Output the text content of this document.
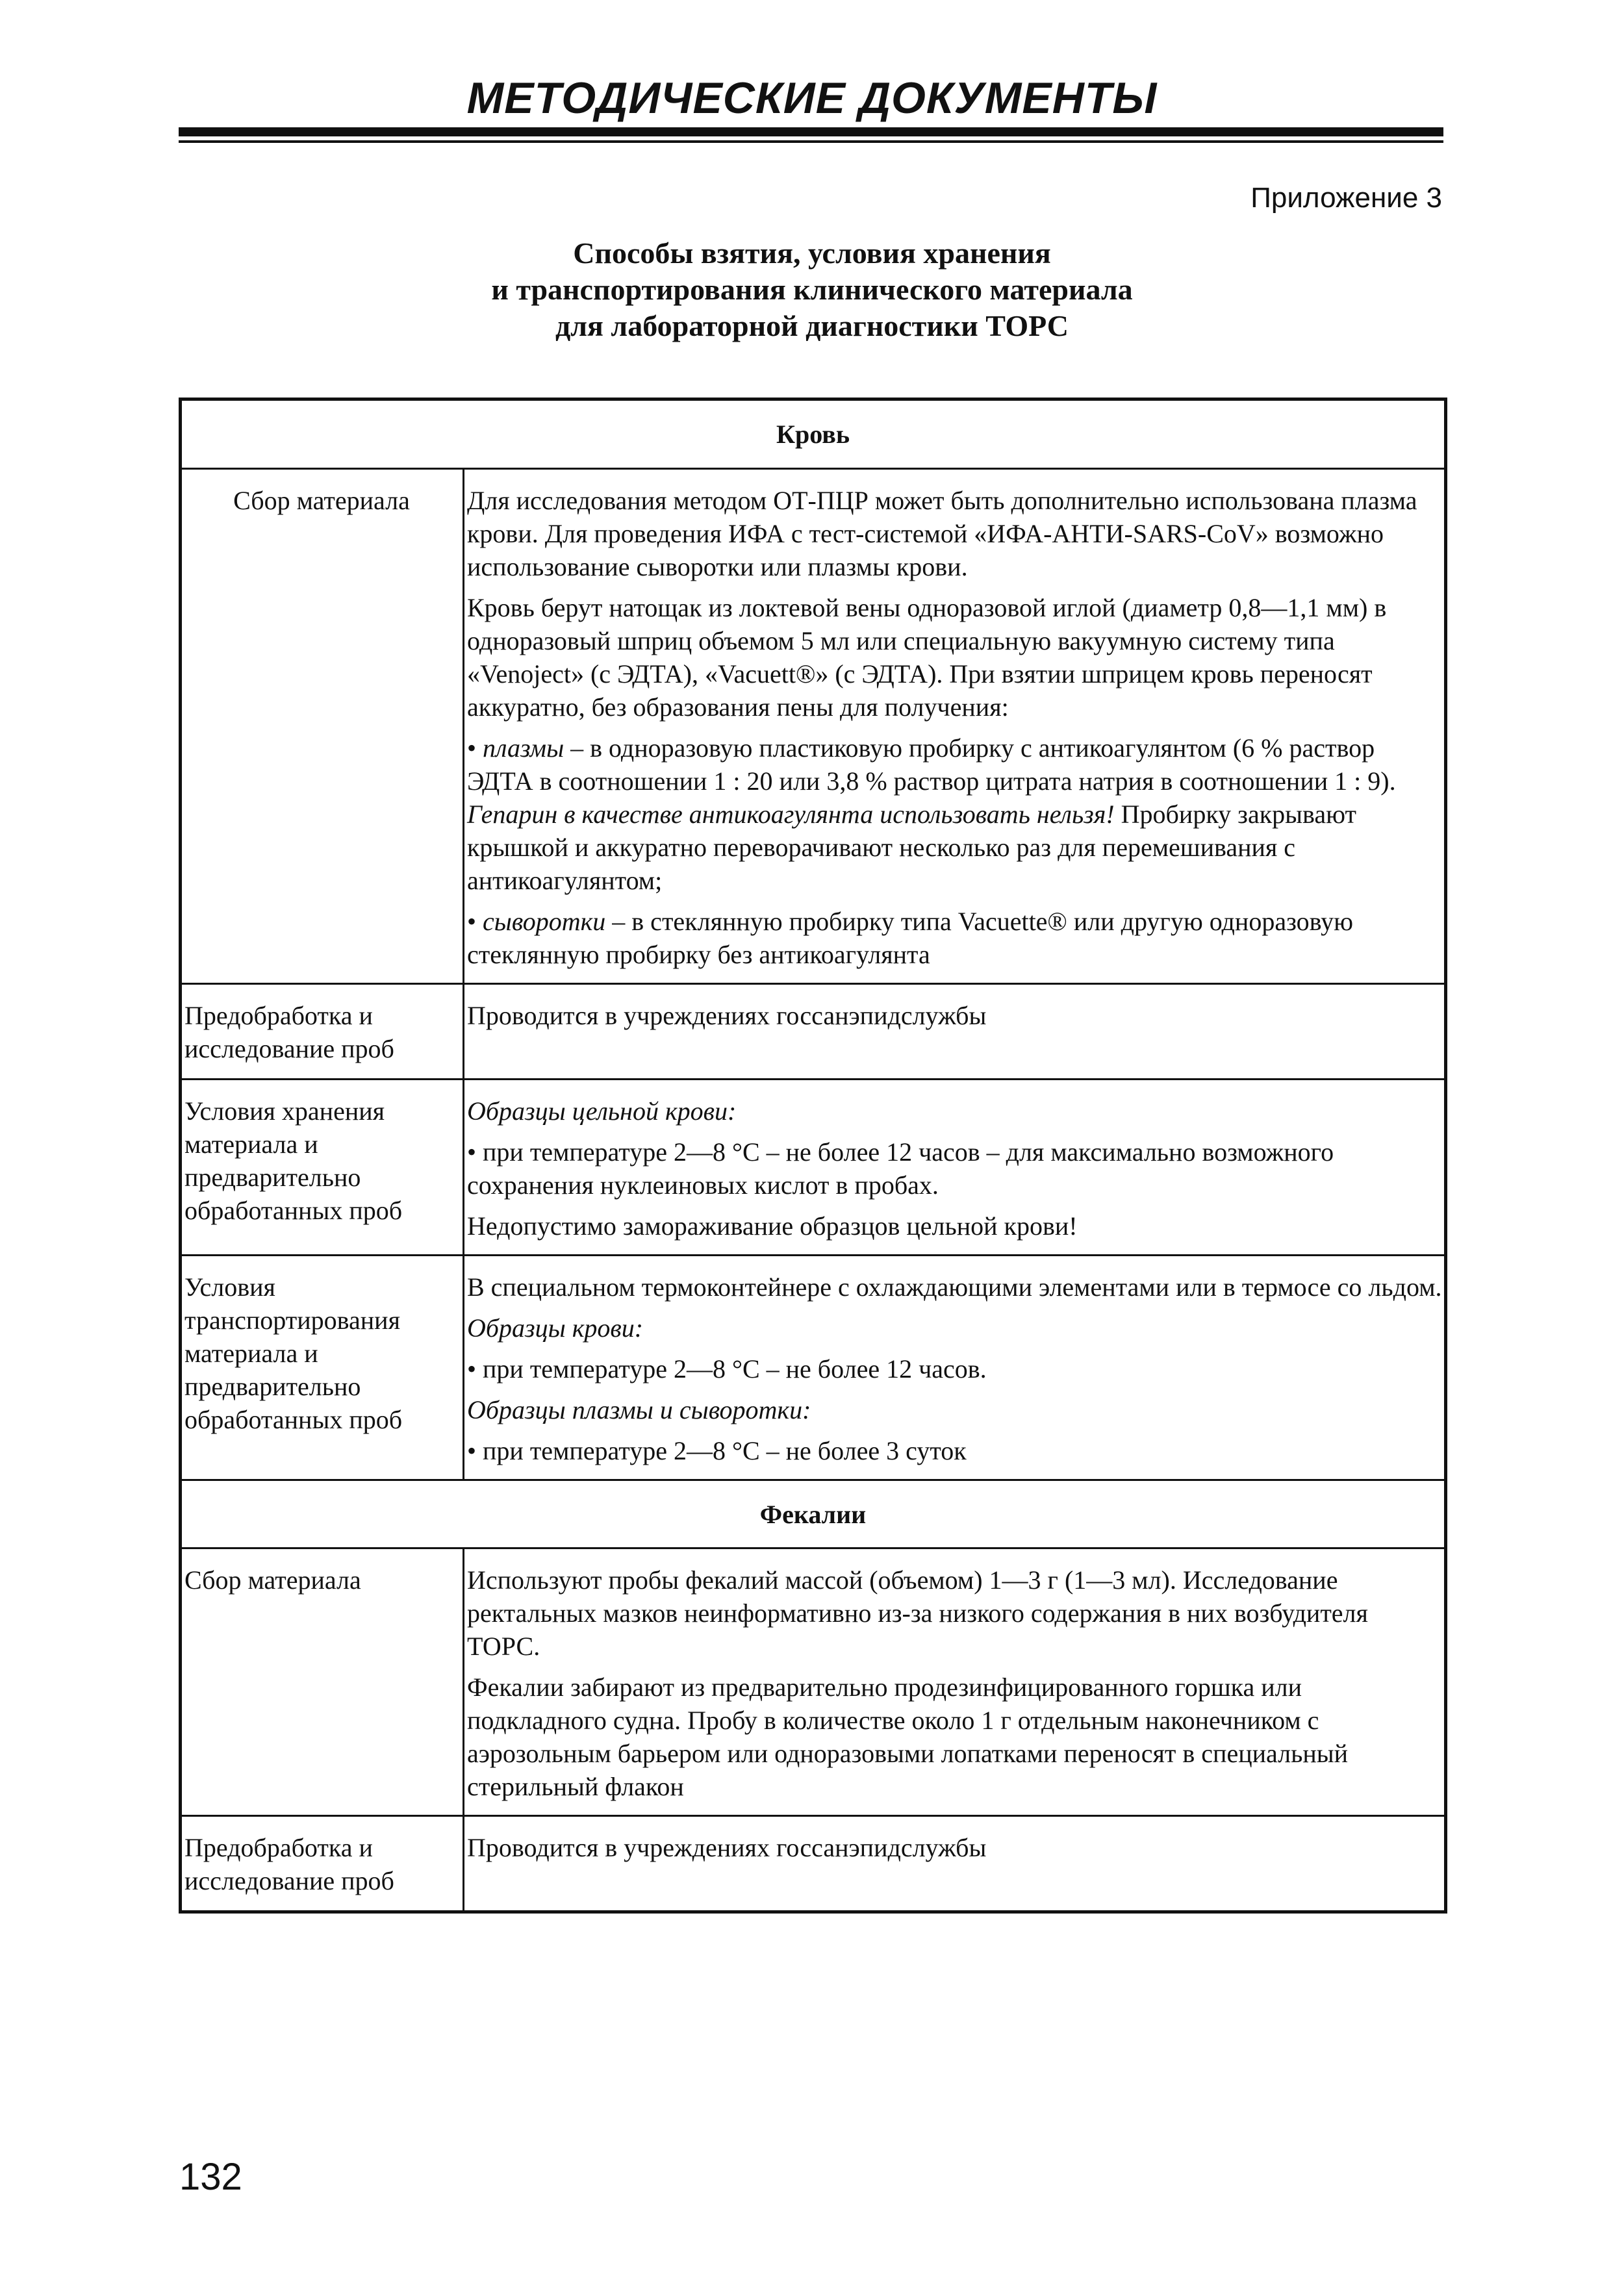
МЕТОДИЧЕСКИЕ ДОКУМЕНТЫ
Приложение 3
Способы взятия, условия хранения
и транспортирования клинического материала
для лабораторной диагностики ТОРС
Кровь	
Сбор материала	Для исследования методом ОТ-ПЦР может быть дополнительно использована плазма крови. Для проведения ИФА с тест-системой «ИФА-АНТИ-SARS-CoV» возможно использование сыворотки или плазмы крови.
Кровь берут натощак из локтевой вены одноразовой иглой (диаметр 0,8—1,1 мм) в одноразовый шприц объемом 5 мл или специальную вакуумную систему типа «Venoject» (с ЭДТА), «Vacuett®» (с ЭДТА). При взятии шприцем кровь переносят аккуратно, без образования пены для получения:
• плазмы – в одноразовую пластиковую пробирку с антикоагулянтом (6 % раствор ЭДТА в соотношении 1 : 20 или 3,8 % раствор цитрата натрия в соотношении 1 : 9). Гепарин в качестве антикоагулянта использовать нельзя! Пробирку закрывают крышкой и аккуратно переворачивают несколько раз для перемешивания с антикоагулянтом;
• сыворотки – в стеклянную пробирку типа Vacuette® или другую одноразовую стеклянную пробирку без антикоагулянта

Предобработка и исследование проб	Проводится в учреждениях госсанэпидслужбы
Условия хранения материала и предварительно обработанных проб	Образцы цельной крови:
• при температуре 2—8 °С – не более 12 часов – для максимально возможного сохранения нуклеиновых кислот в пробах.
Недопустимо замораживание образцов цельной крови!

Условия транспортирования материала и предварительно обработанных проб	В специальном термоконтейнере с охлаждающими элементами или в термосе со льдом.
Образцы крови:
• при температуре 2—8 °С – не более 12 часов.
Образцы плазмы и сыворотки:
• при температуре 2—8 °С – не более 3 суток

Фекалии	
Сбор материала	Используют пробы фекалий массой (объемом) 1—3 г (1—3 мл). Исследование ректальных мазков неинформативно из-за низкого содержания в них возбудителя ТОРС.
Фекалии забирают из предварительно продезинфицированного горшка или подкладного судна. Пробу в количестве около 1 г отдельным наконечником с аэрозольным барьером или одноразовыми лопатками переносят в специальный стерильный флакон

Предобработка и исследование проб	Проводится в учреждениях госсанэпидслужбы
132
